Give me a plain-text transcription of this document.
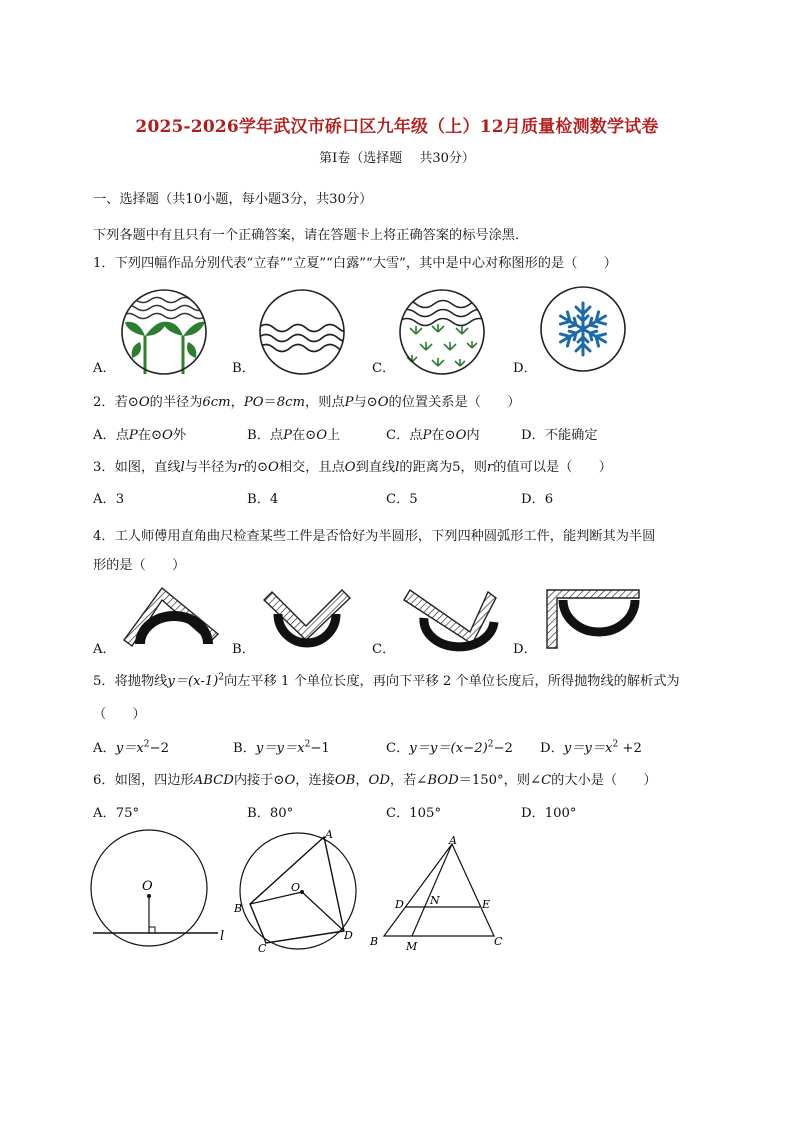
2025-2026学年武汉市硚口区九年级（上）12月质量检测数学试卷
第Ⅰ卷（选择题　 共30分）
一、选择题（共10小题，每小题3分，共30分）
下列各题中有且只有一个正确答案，请在答题卡上将正确答案的标号涂黑．
1．下列四幅作品分别代表“立春”“立夏”“白露”“大雪”，其中是中心对称图形的是（　　）
A．	B．	C．	D．
2．若⊙O的半径为6cm，PO＝8cm，则点P与⊙O的位置关系是（　　）
A．点P在⊙O外	B．点P在⊙O上	C．点P在⊙O内	D．不能确定
3．如图，直线l与半径为r的⊙O相交，且点O到直线l的距离为5，则r的值可以是（　　）
A．3	B．4	C．5	D．6
4．工人师傅用直角曲尺检查某些工件是否恰好为半圆形，下列四种圆弧形工件，能判断其为半圆
形的是（　　）
A．	B．	C．	D．
5．将抛物线$y=(x-1)^2$向左平移 1 个单位长度，再向下平移 2 个单位长度后，所得抛物线的解析式为
（　　）
A．$y=x^2-2$	B．$y=y=x^2-1$	C．$y=y=(x-2)^2-2$ D．$y=y=x^2 +2$
6．如图，四边形ABCD内接于⊙O，连接OB，OD，若∠BOD＝150°，则∠C的大小是（　　）
A．75°	B．80°	C．105°	D．100°
O
l
A
B
C
D
O
A
B	C
D	E
M
N
